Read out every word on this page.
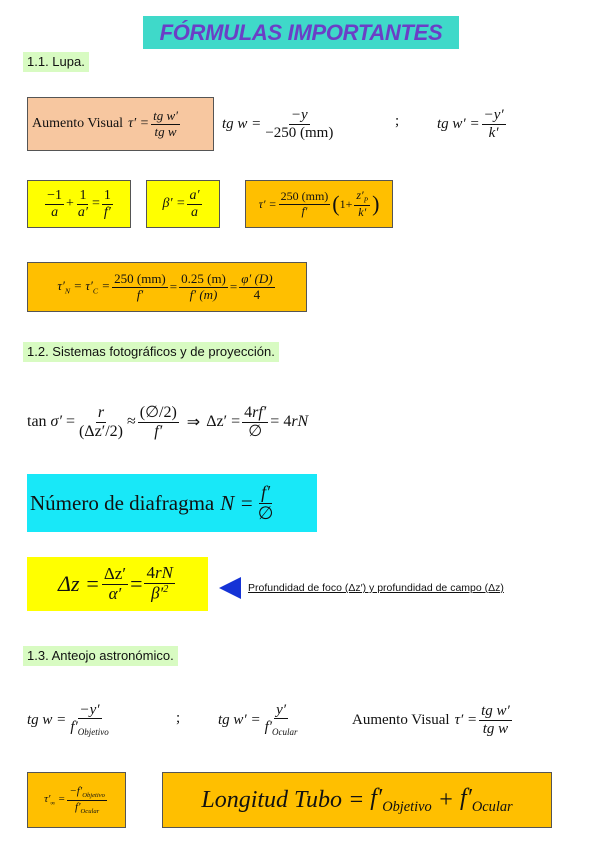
FÓRMULAS IMPORTANTES
1.1. Lupa.
Aumento Visual $\tau' = \frac{\text{tg w′}}{\text{tg w}}$	tg $w = \frac{-y}{-250 (mm)}$	;	tg $w' = \frac{-y'}{k'}$
$\frac{-1}{a} + \frac{1}{a'} = \frac{1}{f'}$	$\beta' = \frac{a'}{a}$	$\tau' = \frac{250 (mm)}{f'}$ ( $1+ \frac{z'_P}{k'}$ )
$\tau'_N = \tau'_C = \frac{250 (mm)}{f'} = \frac{0.25 (m)}{f' (m)} = \frac{\varphi' (D)}{4}$
1.2. Sistemas fotográficos y de proyección.
$\tan \sigma' = \frac{r}{(\Delta z'/2)} \approx \frac{(\emptyset/2)}{f'}$ ⇒ $\Delta z' = \frac{4rf'}{\emptyset} = 4rN$
Número de diafragma $N = \frac{f'}{\emptyset}$
$\Delta z = \frac{\Delta z'}{\alpha'} = \frac{4rN}{\beta'^2}$	Profundidad de foco (Δz′) y profundidad de campo (Δz)
1.3. Anteojo astronómico.
tg $w = \frac{-y'}{f'_{Objetivo}}$	;	tg $w' = \frac{y'}{f'_{Ocular}}$	Aumento Visual $\tau' = \frac{\text{tg w′}}{\text{tg w}}$
$\tau'_\infty = \frac{-f'_{Objetivo}}{f'_{Ocular}}$	Longitud Tubo = $f'_{Objetivo} + f'_{Ocular}$
